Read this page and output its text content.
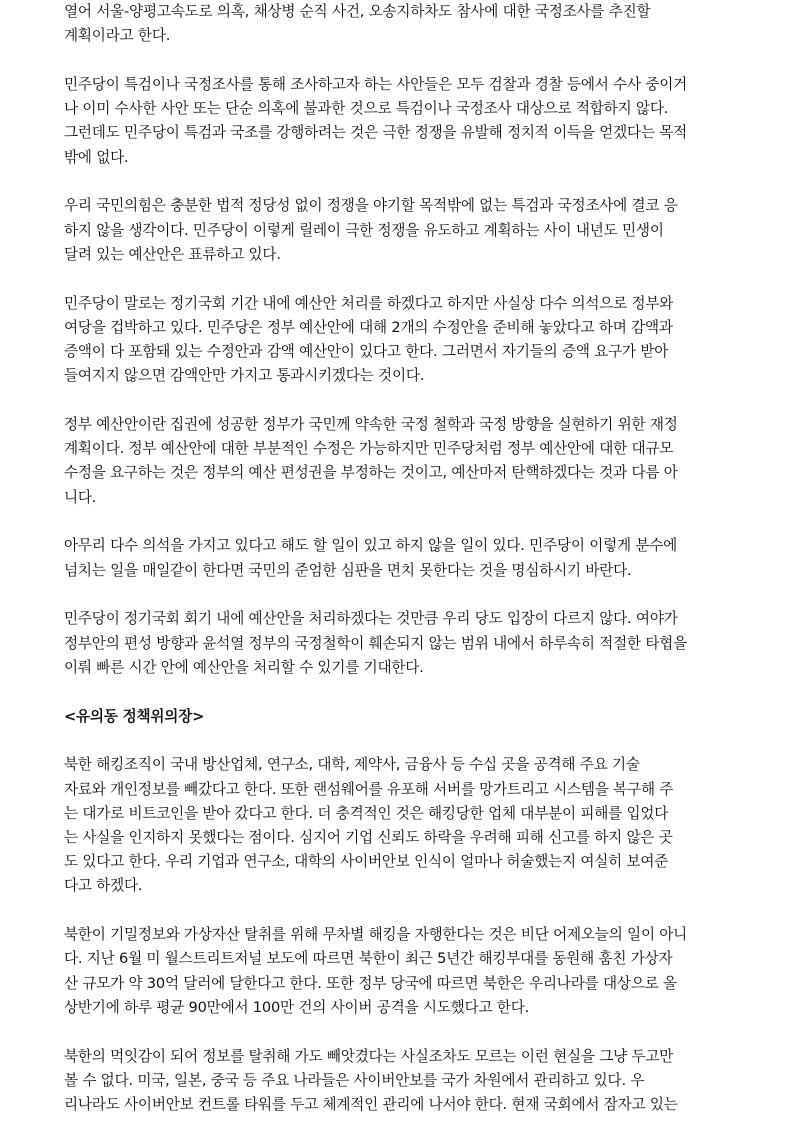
열어 서울-양평고속도로 의혹, 채상병 순직 사건, 오송지하차도 참사에 대한 국정조사를 추진할
계획이라고 한다.
민주당이 특검이나 국정조사를 통해 조사하고자 하는 사안들은 모두 검찰과 경찰 등에서 수사 중이거
나 이미 수사한 사안 또는 단순 의혹에 불과한 것으로 특검이나 국정조사 대상으로 적합하지 않다.
그런데도 민주당이 특검과 국조를 강행하려는 것은 극한 정쟁을 유발해 정치적 이득을 얻겠다는 목적
밖에 없다.
우리 국민의힘은 충분한 법적 정당성 없이 정쟁을 야기할 목적밖에 없는 특검과 국정조사에 결코 응
하지 않을 생각이다. 민주당이 이렇게 릴레이 극한 정쟁을 유도하고 계획하는 사이 내년도 민생이
달려 있는 예산안은 표류하고 있다.
민주당이 말로는 정기국회 기간 내에 예산안 처리를 하겠다고 하지만 사실상 다수 의석으로 정부와
여당을 겁박하고 있다. 민주당은 정부 예산안에 대해 2개의 수정안을 준비해 놓았다고 하며 감액과
증액이 다 포함돼 있는 수정안과 감액 예산안이 있다고 한다. 그러면서 자기들의 증액 요구가 받아
들여지지 않으면 감액안만 가지고 통과시키겠다는 것이다.
정부 예산안이란 집권에 성공한 정부가 국민께 약속한 국정 철학과 국정 방향을 실현하기 위한 재정
계획이다. 정부 예산안에 대한 부분적인 수정은 가능하지만 민주당처럼 정부 예산안에 대한 대규모
수정을 요구하는 것은 정부의 예산 편성권을 부정하는 것이고, 예산마저 탄핵하겠다는 것과 다름 아
니다.
아무리 다수 의석을 가지고 있다고 해도 할 일이 있고 하지 않을 일이 있다. 민주당이 이렇게 분수에
넘치는 일을 매일같이 한다면 국민의 준엄한 심판을 면치 못한다는 것을 명심하시기 바란다.
민주당이 정기국회 회기 내에 예산안을 처리하겠다는 것만큼 우리 당도 입장이 다르지 않다. 여야가
정부안의 편성 방향과 윤석열 정부의 국정철학이 훼손되지 않는 범위 내에서 하루속히 적절한 타협을
이뤄 빠른 시간 안에 예산안을 처리할 수 있기를 기대한다.
<유의동 정책위의장>
북한 해킹조직이 국내 방산업체, 연구소, 대학, 제약사, 금융사 등 수십 곳을 공격해 주요 기술
자료와 개인정보를 빼갔다고 한다. 또한 랜섬웨어를 유포해 서버를 망가트리고 시스템을 복구해 주
는 대가로 비트코인을 받아 갔다고 한다. 더 충격적인 것은 해킹당한 업체 대부분이 피해를 입었다
는 사실을 인지하지 못했다는 점이다. 심지어 기업 신뢰도 하락을 우려해 피해 신고를 하지 않은 곳
도 있다고 한다. 우리 기업과 연구소, 대학의 사이버안보 인식이 얼마나 허술했는지 여실히 보여준
다고 하겠다.
북한이 기밀정보와 가상자산 탈취를 위해 무차별 해킹을 자행한다는 것은 비단 어제오늘의 일이 아니
다. 지난 6월 미 월스트리트저널 보도에 따르면 북한이 최근 5년간 해킹부대를 동원해 훔친 가상자
산 규모가 약 30억 달러에 달한다고 한다. 또한 정부 당국에 따르면 북한은 우리나라를 대상으로 올
상반기에 하루 평균 90만에서 100만 건의 사이버 공격을 시도했다고 한다.
북한의 먹잇감이 되어 정보를 탈취해 가도 빼앗겼다는 사실조차도 모르는 이런 현실을 그냥 두고만
볼 수 없다. 미국, 일본, 중국 등 주요 나라들은 사이버안보를 국가 차원에서 관리하고 있다. 우
리나라도 사이버안보 컨트롤 타워를 두고 체계적인 관리에 나서야 한다. 현재 국회에서 잠자고 있는
